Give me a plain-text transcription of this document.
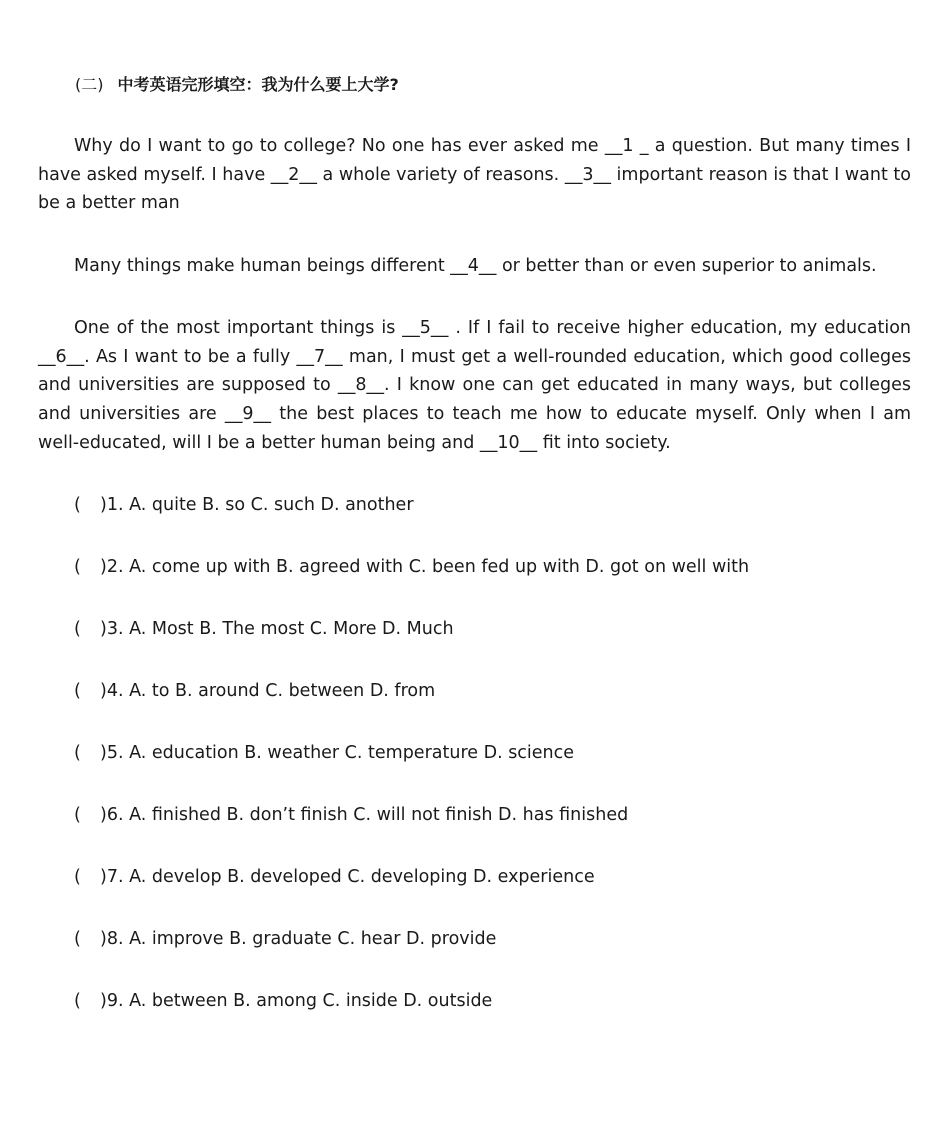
(二) 中考英语完形填空：我为什么要上大学?

Why do I want to go to college? No one has ever asked me __1 _ a question. But many times I have asked myself. I have __2__ a whole variety of reasons. __3__ important reason is that I want to be a better man

Many things make human beings different __4__ or better than or even superior to animals.

One of the most important things is __5__ . If I fail to receive higher education, my education __6__. As I want to be a fully __7__ man, I must get a well-rounded education, which good colleges and universities are supposed to __8__. I know one can get educated in many ways, but colleges and universities are __9__ the best places to teach me how to educate myself. Only when I am well-educated, will I be a better human being and __10__ fit into society.

( )1. A. quite B. so C. such D. another
( )2. A. come up with B. agreed with C. been fed up with D. got on well with
( )3. A. Most B. The most C. More D. Much
( )4. A. to B. around C. between D. from
( )5. A. education B. weather C. temperature D. science
( )6. A. finished B. don’t finish C. will not finish D. has finished
( )7. A. develop B. developed C. developing D. experience
( )8. A. improve B. graduate C. hear D. provide
( )9. A. between B. among C. inside D. outside
